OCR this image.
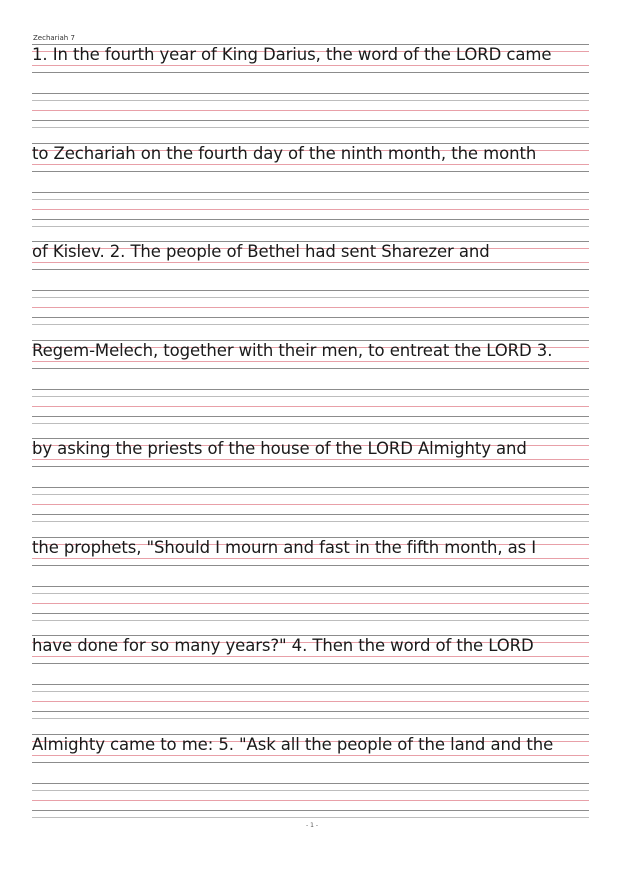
Zechariah 7
1. In the fourth year of King Darius, the word of the LORD came
to Zechariah on the fourth day of the ninth month, the month
of Kislev. 2. The people of Bethel had sent Sharezer and
Regem-Melech, together with their men, to entreat the LORD 3.
by asking the priests of the house of the LORD Almighty and
the prophets, "Should I mourn and fast in the fifth month, as I
have done for so many years?" 4. Then the word of the LORD
Almighty came to me: 5. "Ask all the people of the land and the
- 1 -
